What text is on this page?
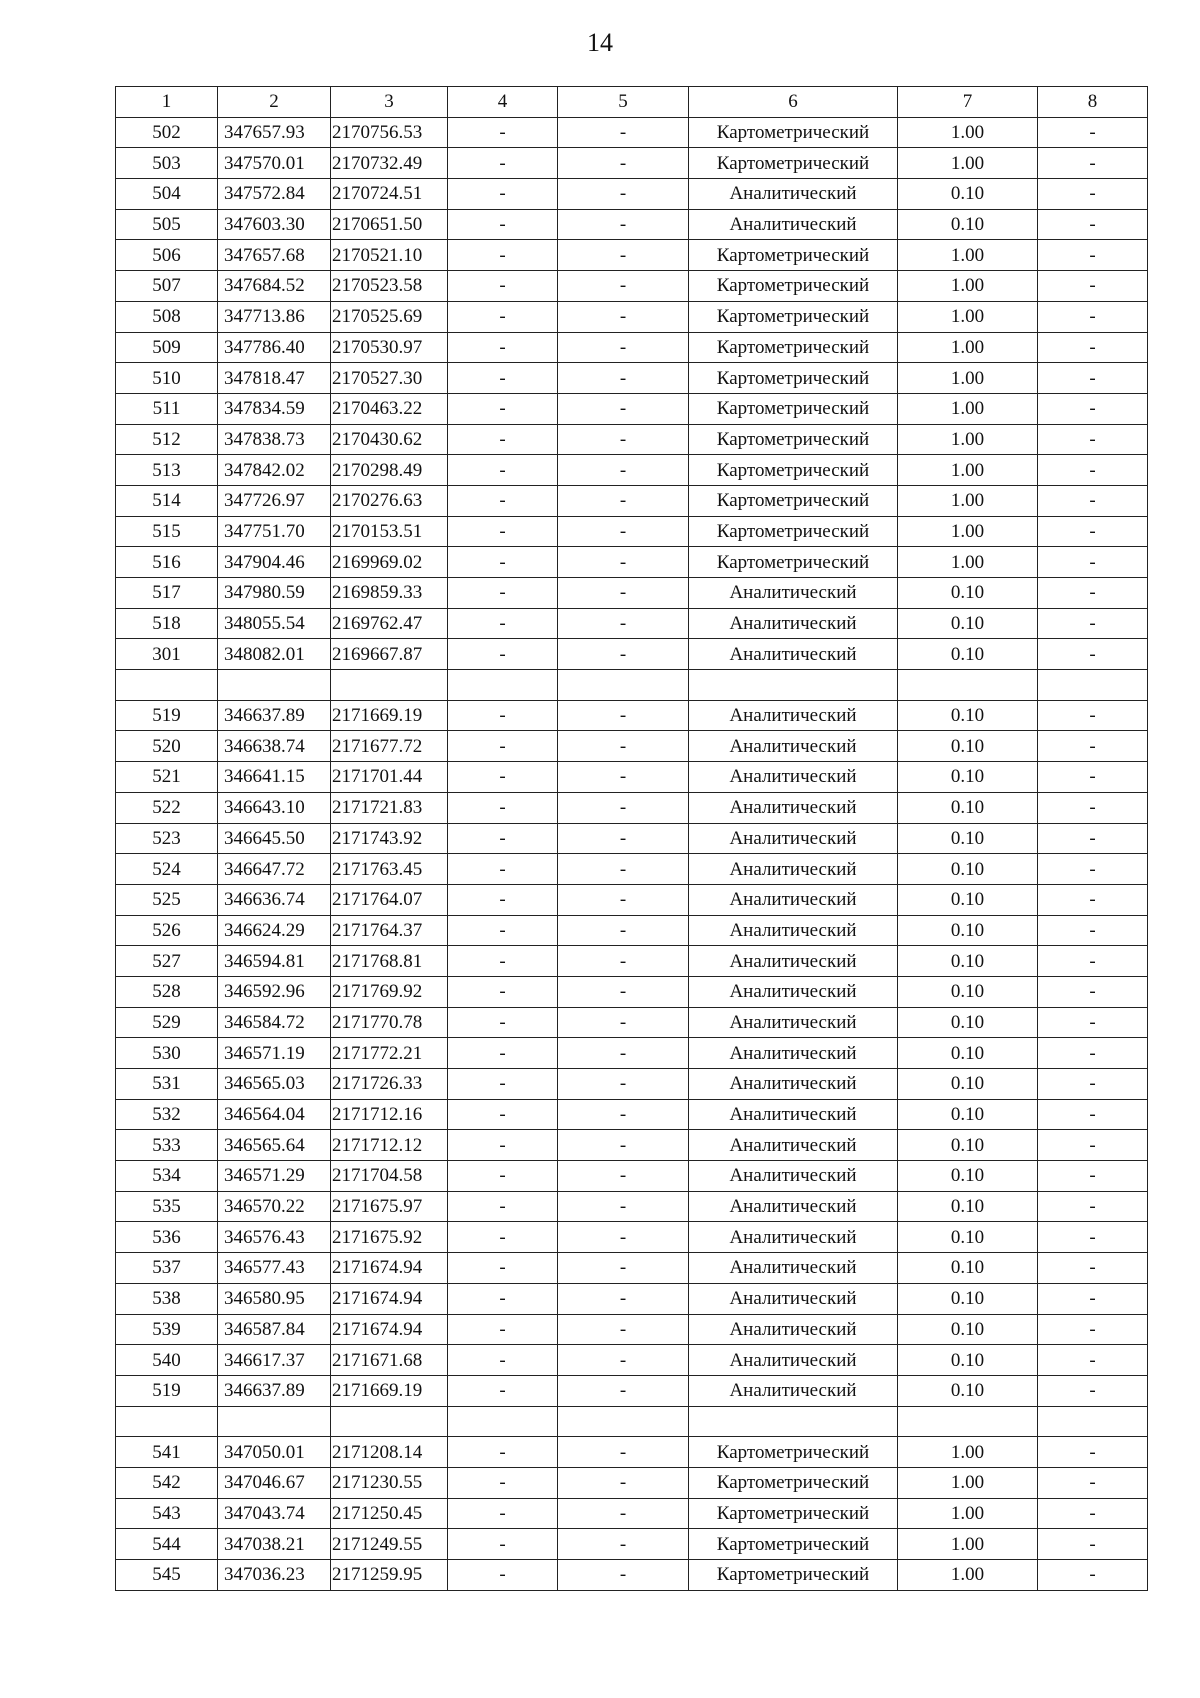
14
1	2	3	4	5	6	7	8
502	347657.93	2170756.53	-	-	Картометрический	1.00	-
503	347570.01	2170732.49	-	-	Картометрический	1.00	-
504	347572.84	2170724.51	-	-	Аналитический	0.10	-
505	347603.30	2170651.50	-	-	Аналитический	0.10	-
506	347657.68	2170521.10	-	-	Картометрический	1.00	-
507	347684.52	2170523.58	-	-	Картометрический	1.00	-
508	347713.86	2170525.69	-	-	Картометрический	1.00	-
509	347786.40	2170530.97	-	-	Картометрический	1.00	-
510	347818.47	2170527.30	-	-	Картометрический	1.00	-
511	347834.59	2170463.22	-	-	Картометрический	1.00	-
512	347838.73	2170430.62	-	-	Картометрический	1.00	-
513	347842.02	2170298.49	-	-	Картометрический	1.00	-
514	347726.97	2170276.63	-	-	Картометрический	1.00	-
515	347751.70	2170153.51	-	-	Картометрический	1.00	-
516	347904.46	2169969.02	-	-	Картометрический	1.00	-
517	347980.59	2169859.33	-	-	Аналитический	0.10	-
518	348055.54	2169762.47	-	-	Аналитический	0.10	-
301	348082.01	2169667.87	-	-	Аналитический	0.10	-

519	346637.89	2171669.19	-	-	Аналитический	0.10	-
520	346638.74	2171677.72	-	-	Аналитический	0.10	-
521	346641.15	2171701.44	-	-	Аналитический	0.10	-
522	346643.10	2171721.83	-	-	Аналитический	0.10	-
523	346645.50	2171743.92	-	-	Аналитический	0.10	-
524	346647.72	2171763.45	-	-	Аналитический	0.10	-
525	346636.74	2171764.07	-	-	Аналитический	0.10	-
526	346624.29	2171764.37	-	-	Аналитический	0.10	-
527	346594.81	2171768.81	-	-	Аналитический	0.10	-
528	346592.96	2171769.92	-	-	Аналитический	0.10	-
529	346584.72	2171770.78	-	-	Аналитический	0.10	-
530	346571.19	2171772.21	-	-	Аналитический	0.10	-
531	346565.03	2171726.33	-	-	Аналитический	0.10	-
532	346564.04	2171712.16	-	-	Аналитический	0.10	-
533	346565.64	2171712.12	-	-	Аналитический	0.10	-
534	346571.29	2171704.58	-	-	Аналитический	0.10	-
535	346570.22	2171675.97	-	-	Аналитический	0.10	-
536	346576.43	2171675.92	-	-	Аналитический	0.10	-
537	346577.43	2171674.94	-	-	Аналитический	0.10	-
538	346580.95	2171674.94	-	-	Аналитический	0.10	-
539	346587.84	2171674.94	-	-	Аналитический	0.10	-
540	346617.37	2171671.68	-	-	Аналитический	0.10	-
519	346637.89	2171669.19	-	-	Аналитический	0.10	-

541	347050.01	2171208.14	-	-	Картометрический	1.00	-
542	347046.67	2171230.55	-	-	Картометрический	1.00	-
543	347043.74	2171250.45	-	-	Картометрический	1.00	-
544	347038.21	2171249.55	-	-	Картометрический	1.00	-
545	347036.23	2171259.95	-	-	Картометрический	1.00	-
